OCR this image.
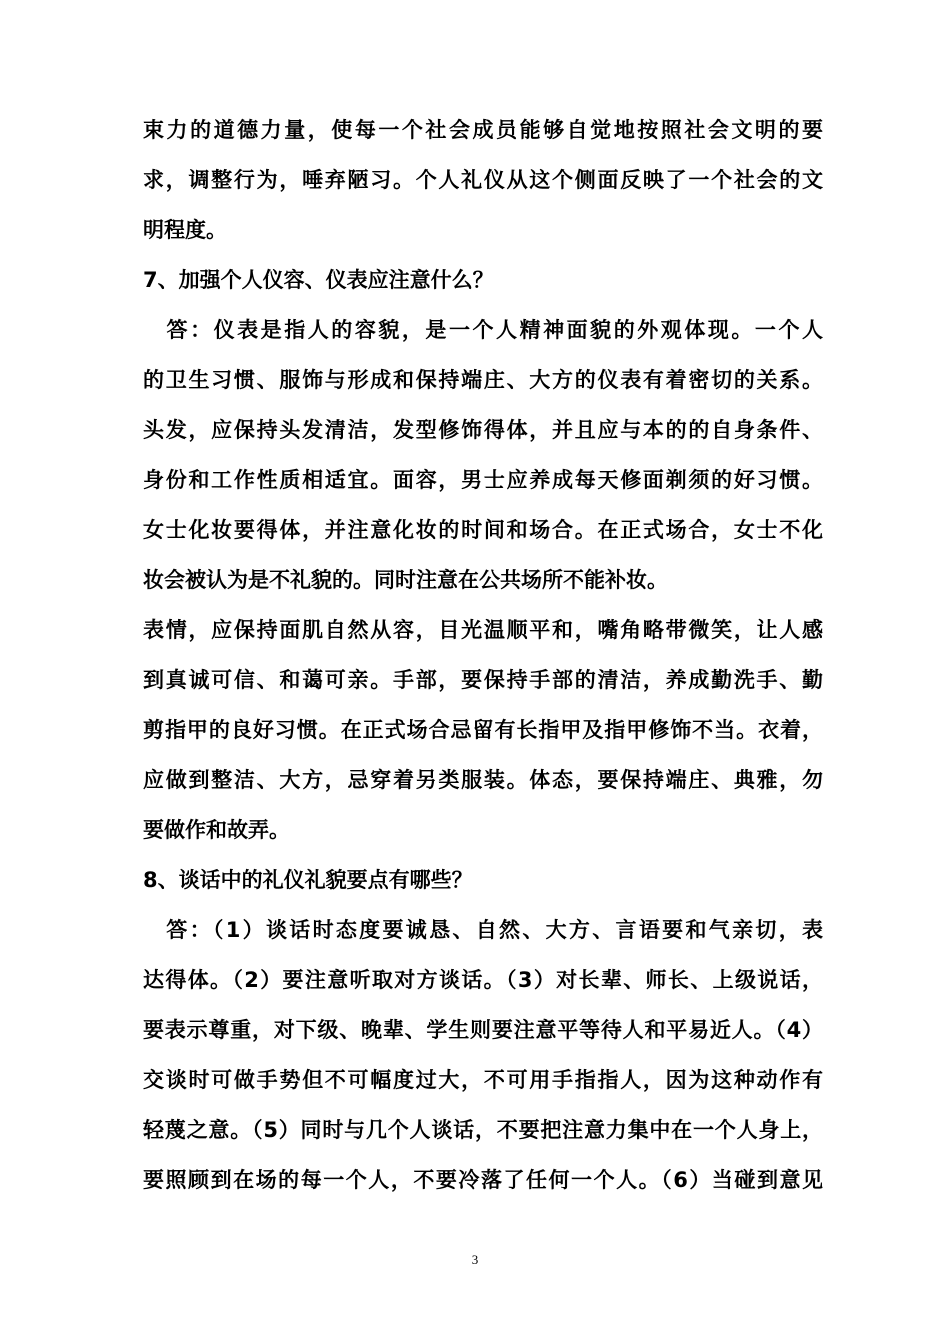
束力的道德力量，使每一个社会成员能够自觉地按照社会文明的要
求，调整行为，唾弃陋习。个人礼仪从这个侧面反映了一个社会的文
明程度。
7、加强个人仪容、仪表应注意什么？
　答：仪表是指人的容貌，是一个人精神面貌的外观体现。一个人
的卫生习惯、服饰与形成和保持端庄、大方的仪表有着密切的关系。
头发，应保持头发清洁，发型修饰得体，并且应与本的的自身条件、
身份和工作性质相适宜。面容，男士应养成每天修面剃须的好习惯。
女士化妆要得体，并注意化妆的时间和场合。在正式场合，女士不化
妆会被认为是不礼貌的。同时注意在公共场所不能补妆。
表情，应保持面肌自然从容，目光温顺平和，嘴角略带微笑，让人感
到真诚可信、和蔼可亲。手部，要保持手部的清洁，养成勤洗手、勤
剪指甲的良好习惯。在正式场合忌留有长指甲及指甲修饰不当。衣着，
应做到整洁、大方，忌穿着另类服装。体态，要保持端庄、典雅，勿
要做作和故弄。
8、谈话中的礼仪礼貌要点有哪些？
　答：（1）谈话时态度要诚恳、自然、大方、言语要和气亲切，表
达得体。（2）要注意听取对方谈话。（3）对长辈、师长、上级说话，
要表示尊重，对下级、晚辈、学生则要注意平等待人和平易近人。（4）
交谈时可做手势但不可幅度过大，不可用手指指人，因为这种动作有
轻蔑之意。（5）同时与几个人谈话，不要把注意力集中在一个人身上，
要照顾到在场的每一个人，不要冷落了任何一个人。（6）当碰到意见
3
